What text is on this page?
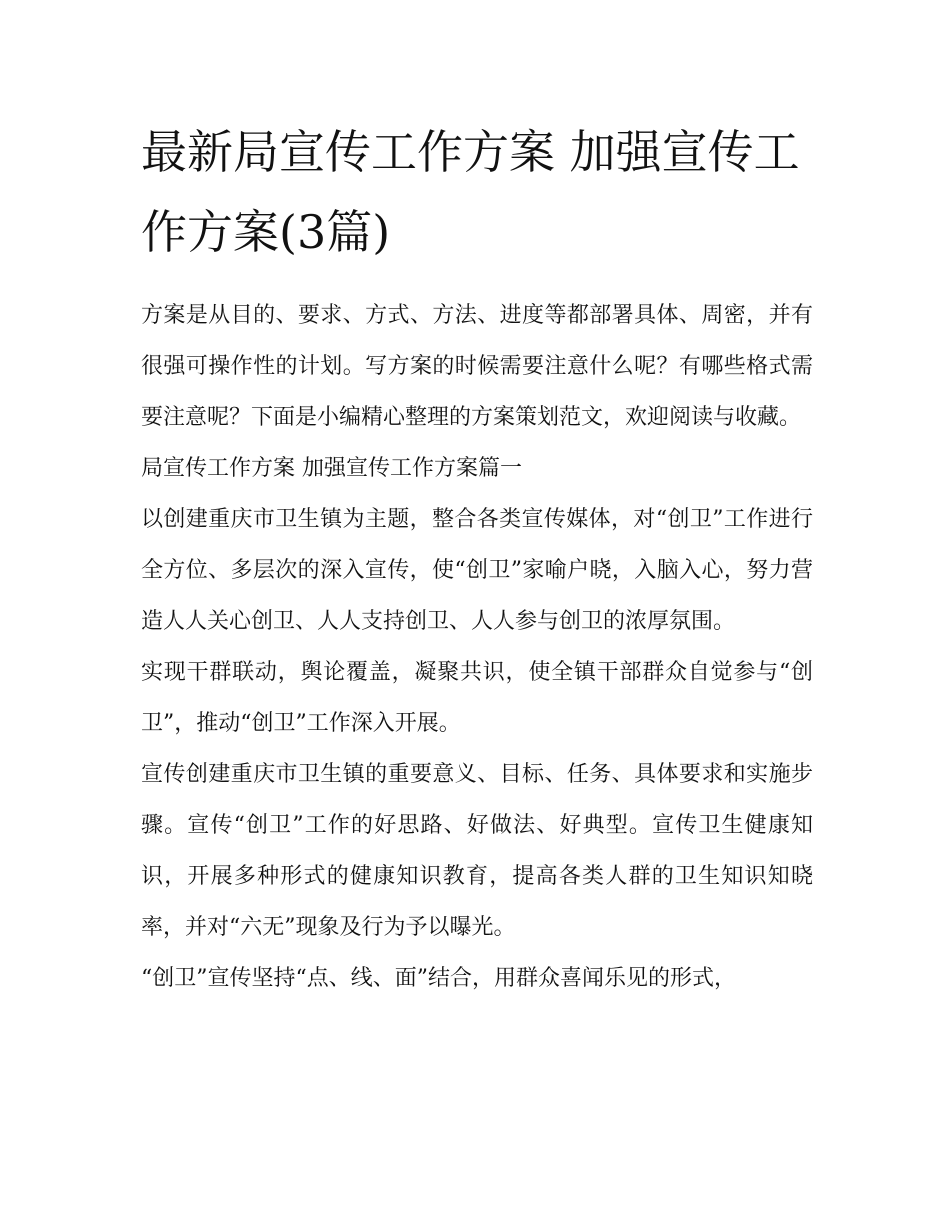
最新局宣传工作方案 加强宣传工作方案(3篇)

方案是从目的、要求、方式、方法、进度等都部署具体、周密，并有很强可操作性的计划。写方案的时候需要注意什么呢？有哪些格式需要注意呢？下面是小编精心整理的方案策划范文，欢迎阅读与收藏。

局宣传工作方案 加强宣传工作方案篇一

以创建重庆市卫生镇为主题，整合各类宣传媒体，对“创卫”工作进行全方位、多层次的深入宣传，使“创卫”家喻户晓，入脑入心，努力营造人人关心创卫、人人支持创卫、人人参与创卫的浓厚氛围。

实现干群联动，舆论覆盖，凝聚共识，使全镇干部群众自觉参与“创卫”，推动“创卫”工作深入开展。

宣传创建重庆市卫生镇的重要意义、目标、任务、具体要求和实施步骤。宣传“创卫”工作的好思路、好做法、好典型。宣传卫生健康知识，开展多种形式的健康知识教育，提高各类人群的卫生知识知晓率，并对“六无”现象及行为予以曝光。

“创卫”宣传坚持“点、线、面”结合，用群众喜闻乐见的形式，
